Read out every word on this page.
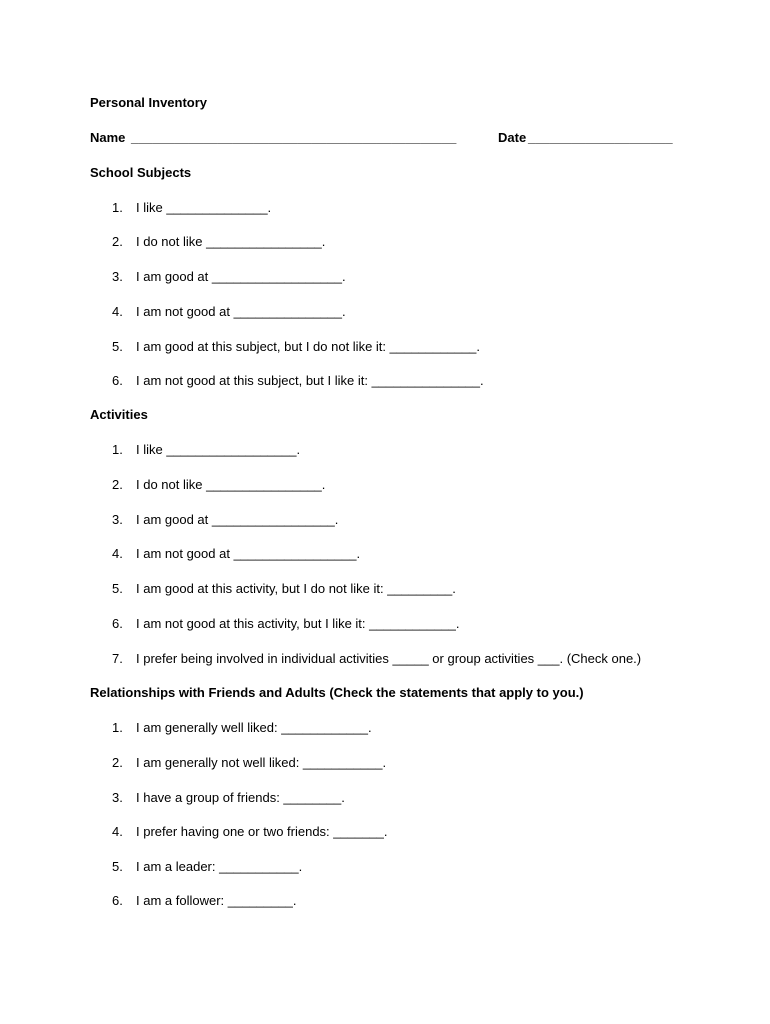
Personal Inventory
Name _____________________________________________	Date ____________________
School Subjects
1. I like ______________.
2. I do not like ________________.
3. I am good at __________________.
4. I am not good at _______________.
5. I am good at this subject, but I do not like it: ____________.
6. I am not good at this subject, but I like it: _______________.
Activities
1. I like __________________.
2. I do not like ________________.
3. I am good at _________________.
4. I am not good at _________________.
5. I am good at this activity, but I do not like it: _________.
6. I am not good at this activity, but I like it: ____________.
7. I prefer being involved in individual activities _____ or group activities ___. (Check one.)
Relationships with Friends and Adults (Check the statements that apply to you.)
1. I am generally well liked: ____________.
2. I am generally not well liked: ___________.
3. I have a group of friends: ________.
4. I prefer having one or two friends: _______.
5. I am a leader: ___________.
6. I am a follower: _________.
